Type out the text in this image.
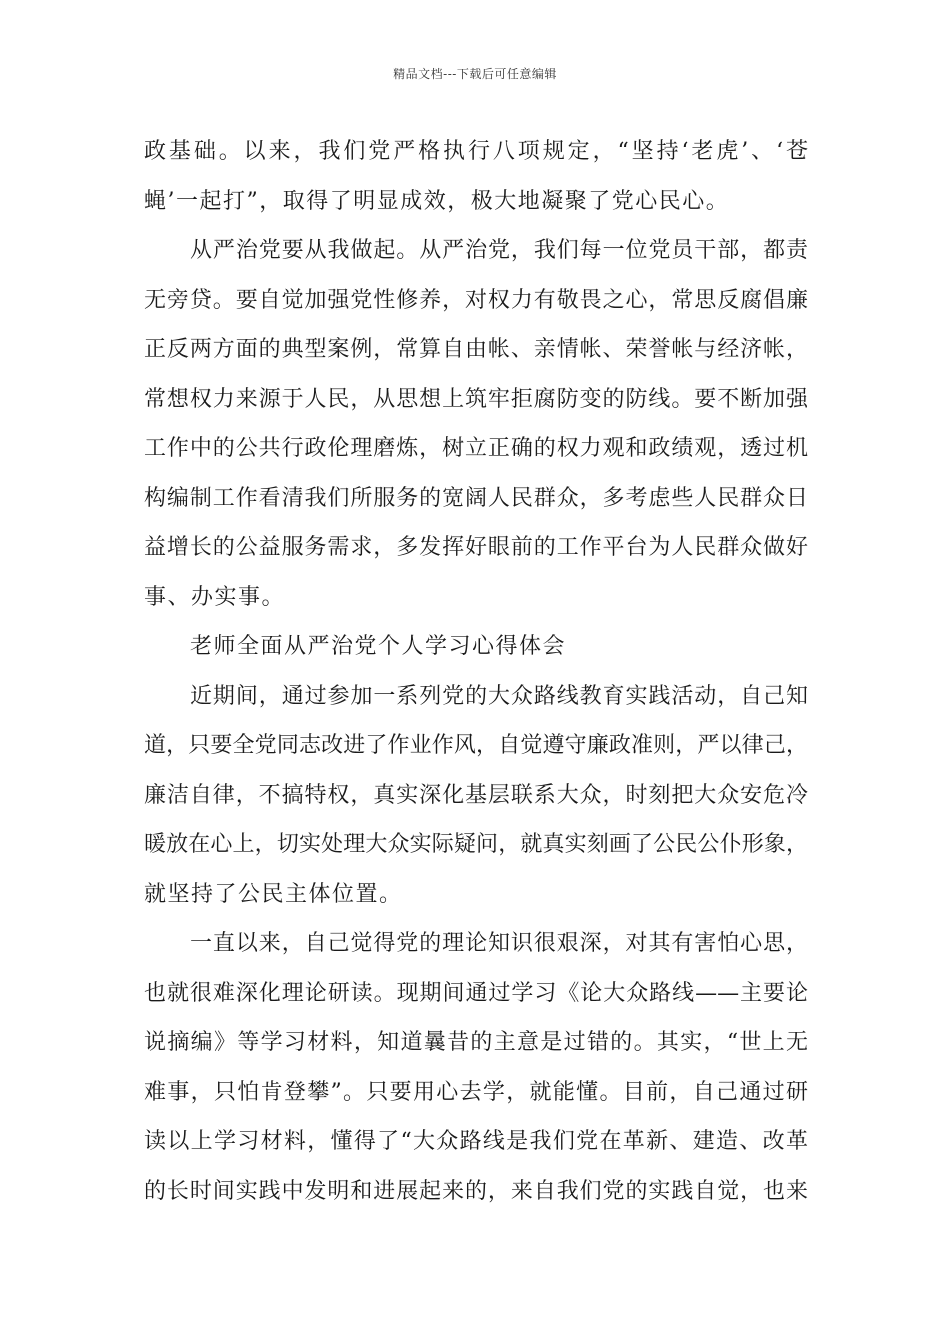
精品文档---下载后可任意编辑
政基础。以来，我们党严格执行八项规定，“坚持‘老虎’、‘苍
蝇’一起打”，取得了明显成效，极大地凝聚了党心民心。
从严治党要从我做起。从严治党，我们每一位党员干部，都责
无旁贷。要自觉加强党性修养，对权力有敬畏之心，常思反腐倡廉
正反两方面的典型案例，常算自由帐、亲情帐、荣誉帐与经济帐，
常想权力来源于人民，从思想上筑牢拒腐防变的防线。要不断加强
工作中的公共行政伦理磨炼，树立正确的权力观和政绩观，透过机
构编制工作看清我们所服务的宽阔人民群众，多考虑些人民群众日
益增长的公益服务需求，多发挥好眼前的工作平台为人民群众做好
事、办实事。
老师全面从严治党个人学习心得体会
近期间，通过参加一系列党的大众路线教育实践活动，自己知
道，只要全党同志改进了作业作风，自觉遵守廉政准则，严以律己，
廉洁自律，不搞特权，真实深化基层联系大众，时刻把大众安危冷
暖放在心上，切实处理大众实际疑问，就真实刻画了公民公仆形象，
就坚持了公民主体位置。
一直以来，自己觉得党的理论知识很艰深，对其有害怕心思，
也就很难深化理论研读。现期间通过学习《论大众路线——主要论
说摘编》等学习材料，知道曩昔的主意是过错的。其实，“世上无
难事，只怕肯登攀”。只要用心去学，就能懂。目前，自己通过研
读以上学习材料，懂得了“大众路线是我们党在革新、建造、改革
的长时间实践中发明和进展起来的，来自我们党的实践自觉，也来
